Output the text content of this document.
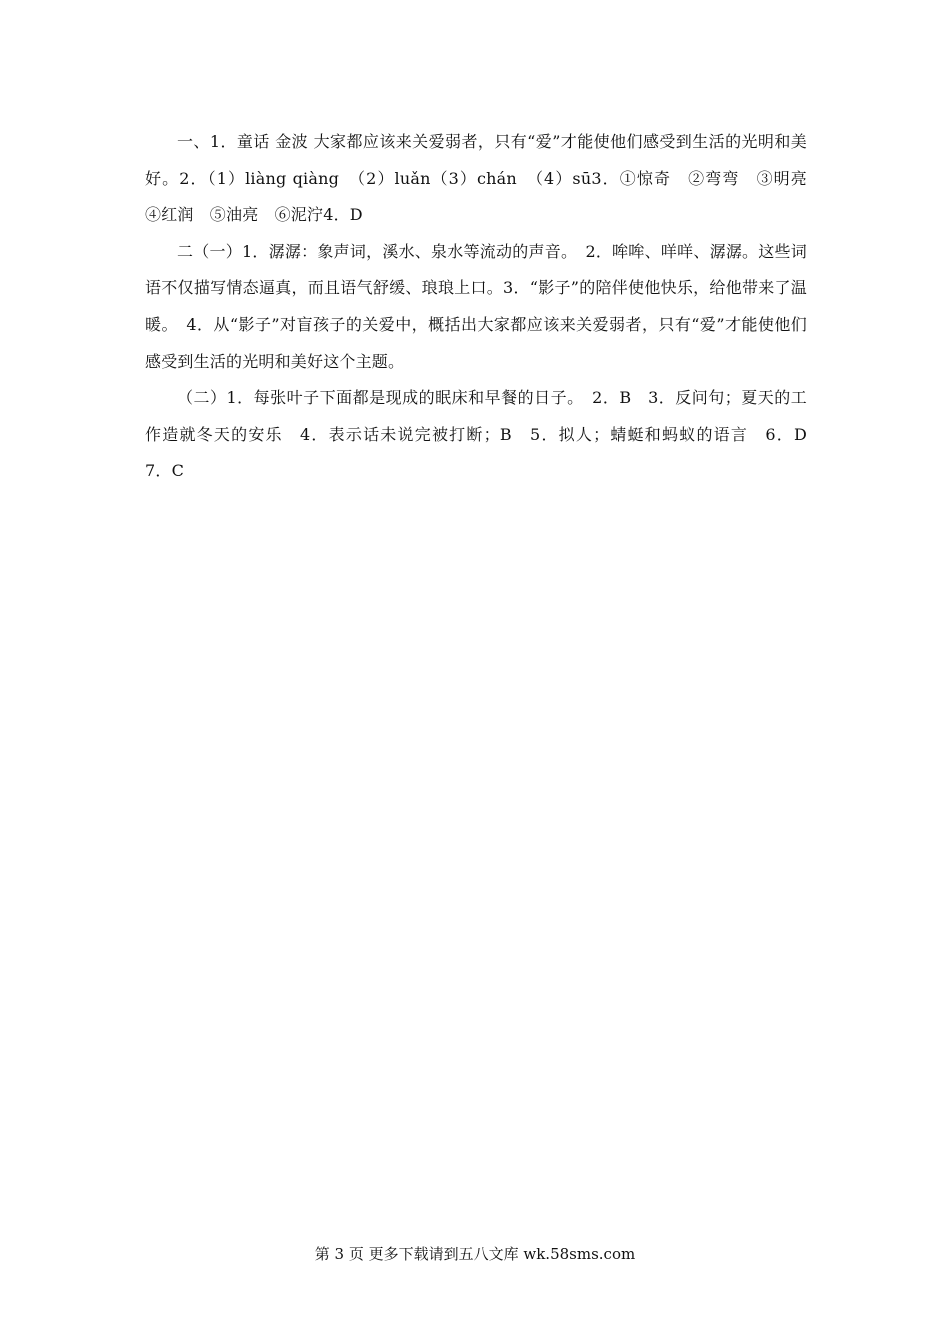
一、1．童话 金波 大家都应该来关爱弱者，只有“爱”才能使他们感受到生活的光明和美好。2．（1）liàng qiàng　（2）luǎn（3）chán　（4）sū3．①惊奇　②弯弯　③明亮　④红润　⑤油亮　⑥泥泞4．D

二（一）1．潺潺：象声词，溪水、泉水等流动的声音。　2．哞哞、咩咩、潺潺。这些词语不仅描写情态逼真，而且语气舒缓、琅琅上口。3．“影子”的陪伴使他快乐，给他带来了温暖。　4．从“影子”对盲孩子的关爱中，概括出大家都应该来关爱弱者，只有“爱”才能使他们感受到生活的光明和美好这个主题。

（二）1．每张叶子下面都是现成的眠床和早餐的日子。　2．B　3．反问句；夏天的工作造就冬天的安乐　4．表示话未说完被打断；B　5．拟人；蜻蜓和蚂蚁的语言　6．D　7．C

第 3 页 更多下载请到五八文库 wk.58sms.com
